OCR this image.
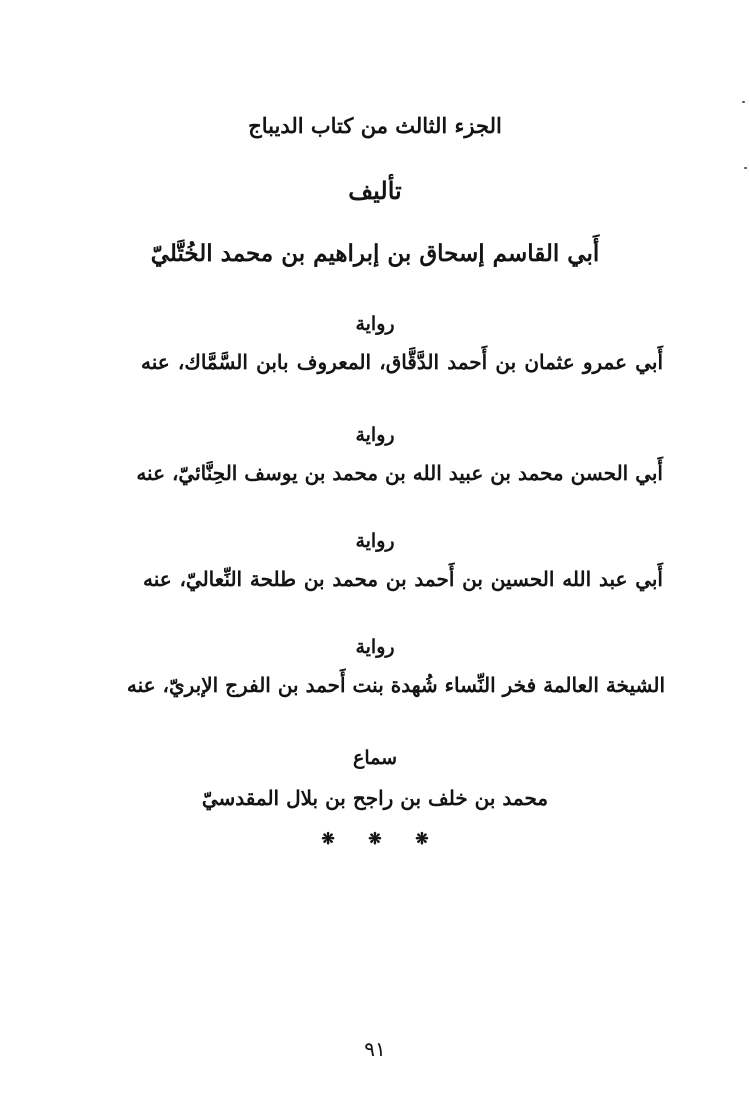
الجزء الثالث من كتاب الديباج
تأليف
أَبي القاسم إسحاق بن إبراهيم بن محمد الخُتَّليّ
رواية
أَبي عمرو عثمان بن أَحمد الدَّقَّاق، المعروف بابن السَّمَّاك، عنه
رواية
أَبي الحسن محمد بن عبيد الله بن محمد بن يوسف الحِنَّائيّ، عنه
رواية
أَبي عبد الله الحسين بن أَحمد بن محمد بن طلحة النِّعاليّ، عنه
رواية
الشيخة العالمة فخر النِّساء شُهدة بنت أَحمد بن الفرج الإبريّ، عنه
سماع
محمد بن خلف بن راجح بن بلال المقدسيّ
❋ ❋ ❋
٩١
